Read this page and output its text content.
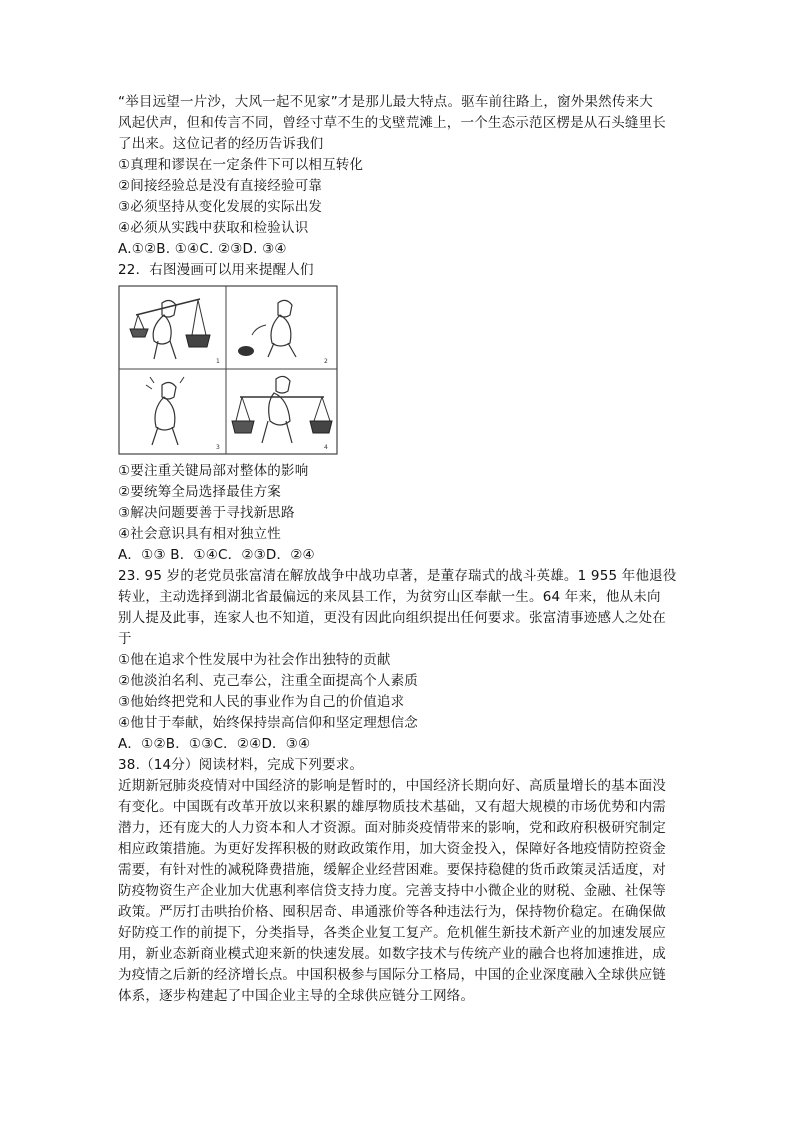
“举目远望一片沙，大风一起不见家”才是那儿最大特点。驱车前往路上，窗外果然传来大
风起伏声，但和传言不同，曾经寸草不生的戈壁荒滩上，一个生态示范区楞是从石头缝里长
了出来。这位记者的经历告诉我们
①真理和谬误在一定条件下可以相互转化
②间接经验总是没有直接经验可靠
③必须坚持从变化发展的实际出发
④必须从实践中获取和检验认识
A.①②B. ①④C. ②③D. ③④
22．右图漫画可以用来提醒人们
1	2
3	4
①要注重关键局部对整体的影响
②要统筹全局选择最佳方案
③解决问题要善于寻找新思路
④社会意识具有相对独立性
A．①③ B．①④C．②③D．②④
23. 95 岁的老党员张富清在解放战争中战功卓著，是董存瑞式的战斗英雄。1 955 年他退役
转业，主动选择到湖北省最偏远的来凤县工作，为贫穷山区奉献一生。64 年来，他从未向
别人提及此事，连家人也不知道，更没有因此向组织提出任何要求。张富清事迹感人之处在
于
①他在追求个性发展中为社会作出独特的贡献
②他淡泊名利、克己奉公，注重全面提高个人素质
③他始终把党和人民的事业作为自己的价值追求
④他甘于奉献，始终保持崇高信仰和坚定理想信念
A．①②B．①③C．②④D．③④
38.（14分）阅读材料，完成下列要求。
近期新冠肺炎疫情对中国经济的影响是暂时的，中国经济长期向好、高质量增长的基本面没
有变化。中国既有改革开放以来积累的雄厚物质技术基础，又有超大规模的市场优势和内需
潜力，还有庞大的人力资本和人才资源。面对肺炎疫情带来的影响，党和政府积极研究制定
相应政策措施。为更好发挥积极的财政政策作用，加大资金投入，保障好各地疫情防控资金
需要，有针对性的减税降费措施，缓解企业经营困难。要保持稳健的货币政策灵活适度，对
防疫物资生产企业加大优惠利率信贷支持力度。完善支持中小微企业的财税、金融、社保等
政策。严厉打击哄抬价格、囤积居奇、串通涨价等各种违法行为，保持物价稳定。在确保做
好防疫工作的前提下，分类指导，各类企业复工复产。危机催生新技术新产业的加速发展应
用，新业态新商业模式迎来新的快速发展。如数字技术与传统产业的融合也将加速推进，成
为疫情之后新的经济增长点。中国积极参与国际分工格局，中国的企业深度融入全球供应链
体系，逐步构建起了中国企业主导的全球供应链分工网络。
